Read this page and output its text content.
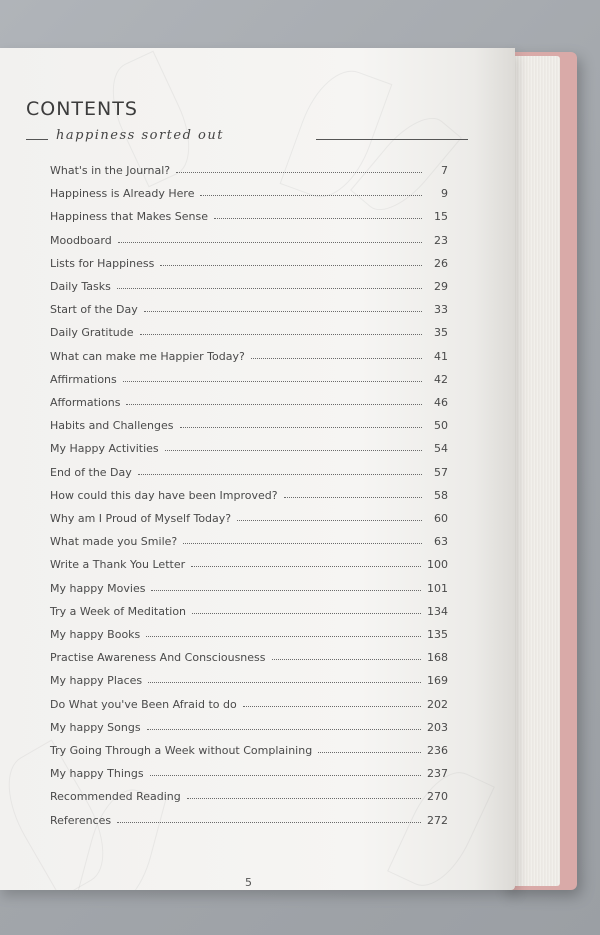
CONTENTS
happiness sorted out
What's in the Journal?	7
Happiness is Already Here	9
Happiness that Makes Sense	15
Moodboard	23
Lists for Happiness	26
Daily Tasks	29
Start of the Day	33
Daily Gratitude	35
What can make me Happier Today?	41
Affirmations	42
Afformations	46
Habits and Challenges	50
My Happy Activities	54
End of the Day	57
How could this day have been Improved?	58
Why am I Proud of Myself Today?	60
What made you Smile?	63
Write a Thank You Letter	100
My happy Movies	101
Try a Week of Meditation	134
My happy Books	135
Practise Awareness And Consciousness	168
My happy Places	169
Do What you've Been Afraid to do	202
My happy Songs	203
Try Going Through a Week without Complaining	236
My happy Things	237
Recommended Reading	270
References	272
5
